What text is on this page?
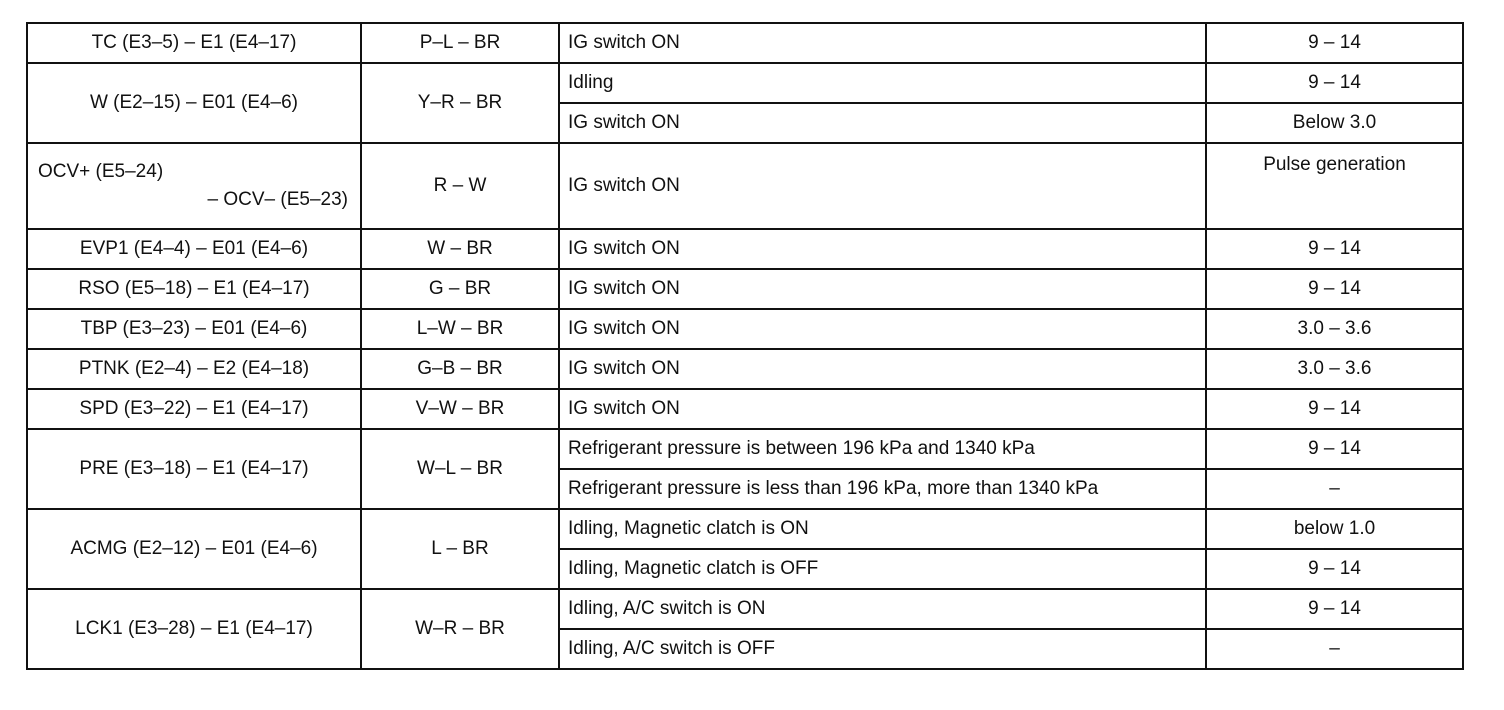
TC (E3–5) – E1 (E4–17)	P–L – BR	IG switch ON	9 – 14
W (E2–15) – E01 (E4–6)	Y–R – BR	Idling	9 – 14
		IG switch ON	Below 3.0

OCV+ (E5–24)
– OCV– (E5–23)	R – W	IG switch ON	Pulse generation
EVP1 (E4–4) – E01 (E4–6)	W – BR	IG switch ON	9 – 14
RSO (E5–18) – E1 (E4–17)	G – BR	IG switch ON	9 – 14
TBP (E3–23) – E01 (E4–6)	L–W – BR	IG switch ON	3.0 – 3.6
PTNK (E2–4) – E2 (E4–18)	G–B – BR	IG switch ON	3.0 – 3.6
SPD (E3–22) – E1 (E4–17)	V–W – BR	IG switch ON	9 – 14
PRE (E3–18) – E1 (E4–17)	W–L – BR	Refrigerant pressure is between 196 kPa and 1340 kPa	9 – 14
		Refrigerant pressure is less than 196 kPa, more than 1340 kPa	–
ACMG (E2–12) – E01 (E4–6)	L – BR	Idling, Magnetic clatch is ON	below 1.0
		Idling, Magnetic clatch is OFF	9 – 14
LCK1 (E3–28) – E1 (E4–17)	W–R – BR	Idling, A/C switch is ON	9 – 14
		Idling, A/C switch is OFF	–
